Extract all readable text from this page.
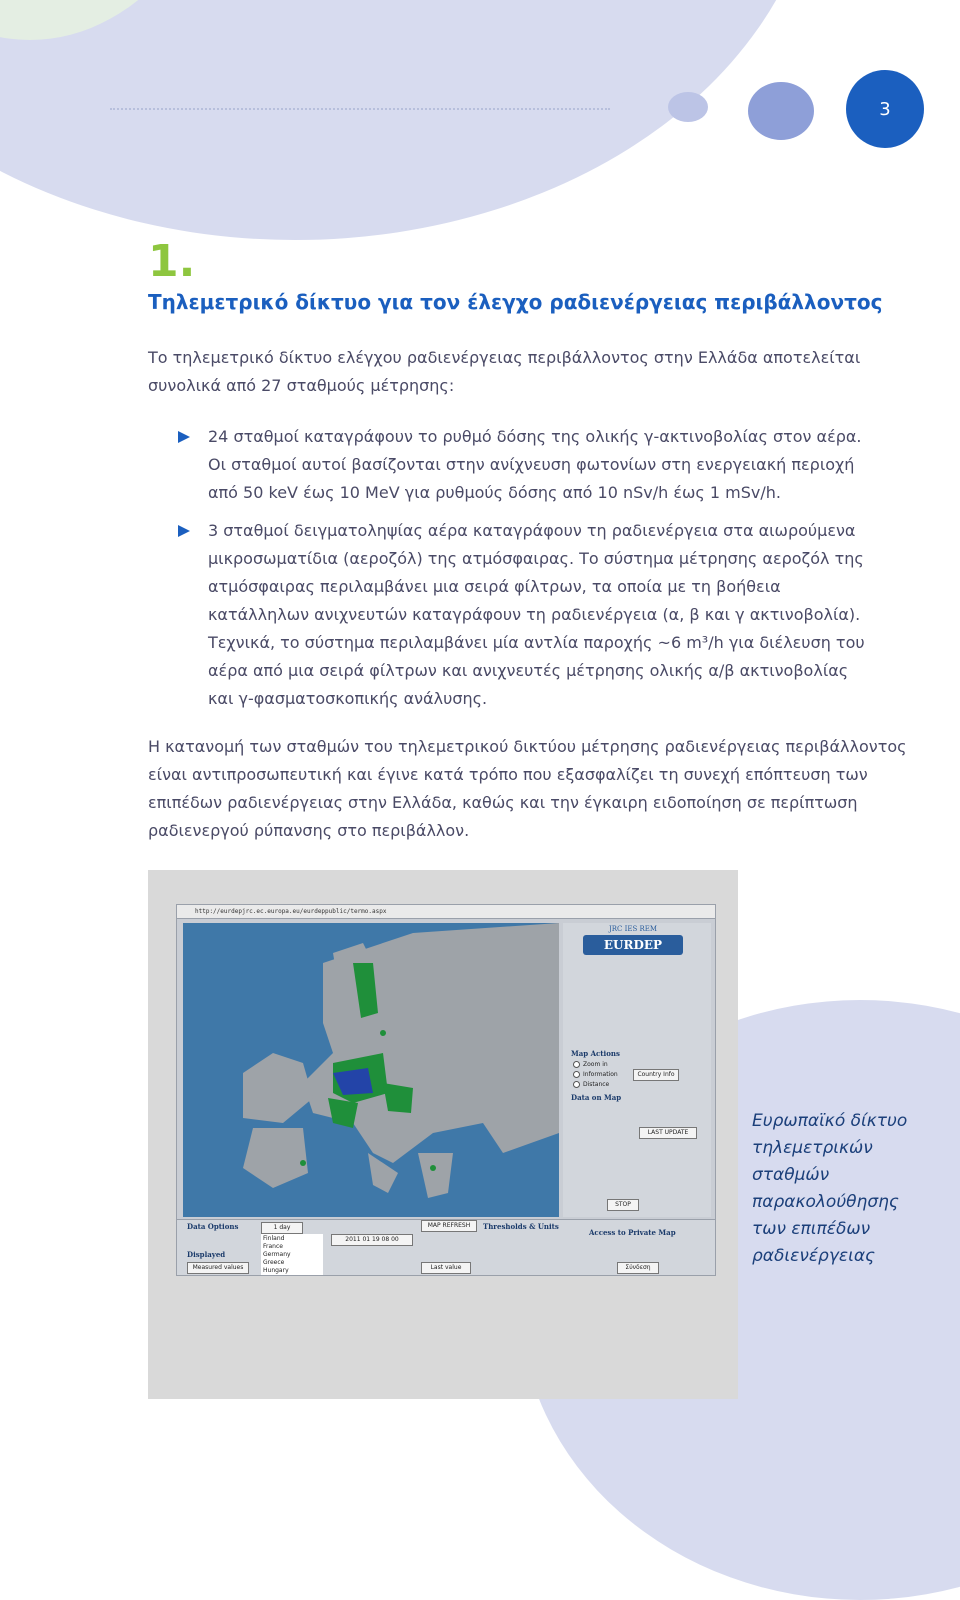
3
1.
Τηλεμετρικό δίκτυο για τον έλεγχο ραδιενέργειας περιβάλλοντος

Το τηλεμετρικό δίκτυο ελέγχου ραδιενέργειας περιβάλλοντος στην Ελλάδα αποτελείται συνολικά από 27 σταθμούς μέτρησης:

24 σταθμοί καταγράφουν το ρυθμό δόσης της ολικής γ-ακτινοβολίας στον αέρα. Οι σταθμοί αυτοί βασίζονται στην ανίχνευση φωτονίων στη ενεργειακή περιοχή από 50 keV έως 10 MeV για ρυθμούς δόσης από 10 nSv/h έως 1 mSv/h.

3 σταθμοί δειγματοληψίας αέρα καταγράφουν τη ραδιενέργεια στα αιωρούμενα μικροσωματίδια (αεροζόλ) της ατμόσφαιρας. Το σύστημα μέτρησης αεροζόλ της ατμόσφαιρας περιλαμβάνει μια σειρά φίλτρων, τα οποία με τη βοήθεια κατάλληλων ανιχνευτών καταγράφουν τη ραδιενέργεια (α, β και γ ακτινοβολία). Τεχνικά, το σύστημα περιλαμβάνει μία αντλία παροχής ~6 m³/h για διέλευση του αέρα από μια σειρά φίλτρων και ανιχνευτές μέτρησης ολικής α/β ακτινοβολίας και γ-φασματοσκοπικής ανάλυσης.

Η κατανομή των σταθμών του τηλεμετρικού δικτύου μέτρησης ραδιενέργειας περιβάλλοντος είναι αντιπροσωπευτική και έγινε κατά τρόπο που εξασφαλίζει τη συνεχή επόπτευση των επιπέδων ραδιενέργειας στην Ελλάδα, καθώς και την έγκαιρη ειδοποίηση σε περίπτωση ραδιενεργού ρύπανσης στο περιβάλλον.

http://eurdepjrc.ec.europa.eu/eurdeppublic/termo.aspx
JRC IES REM
EURDEP
Map Actions
Zoom in
Information
Distance
Country Info
Data on Map
LAST UPDATE
STOP
Data Options
Displayed
Measured values
1 day	MAP REFRESH	Thresholds & Units
2011 01 19 08 00
Last value
Access to Private Map
Σύνδεση
Finland
France
Germany
Greece
Hungary
Ευρωπαϊκό δίκτυο τηλεμετρικών σταθμών παρακολούθησης των επιπέδων ραδιενέργειας
